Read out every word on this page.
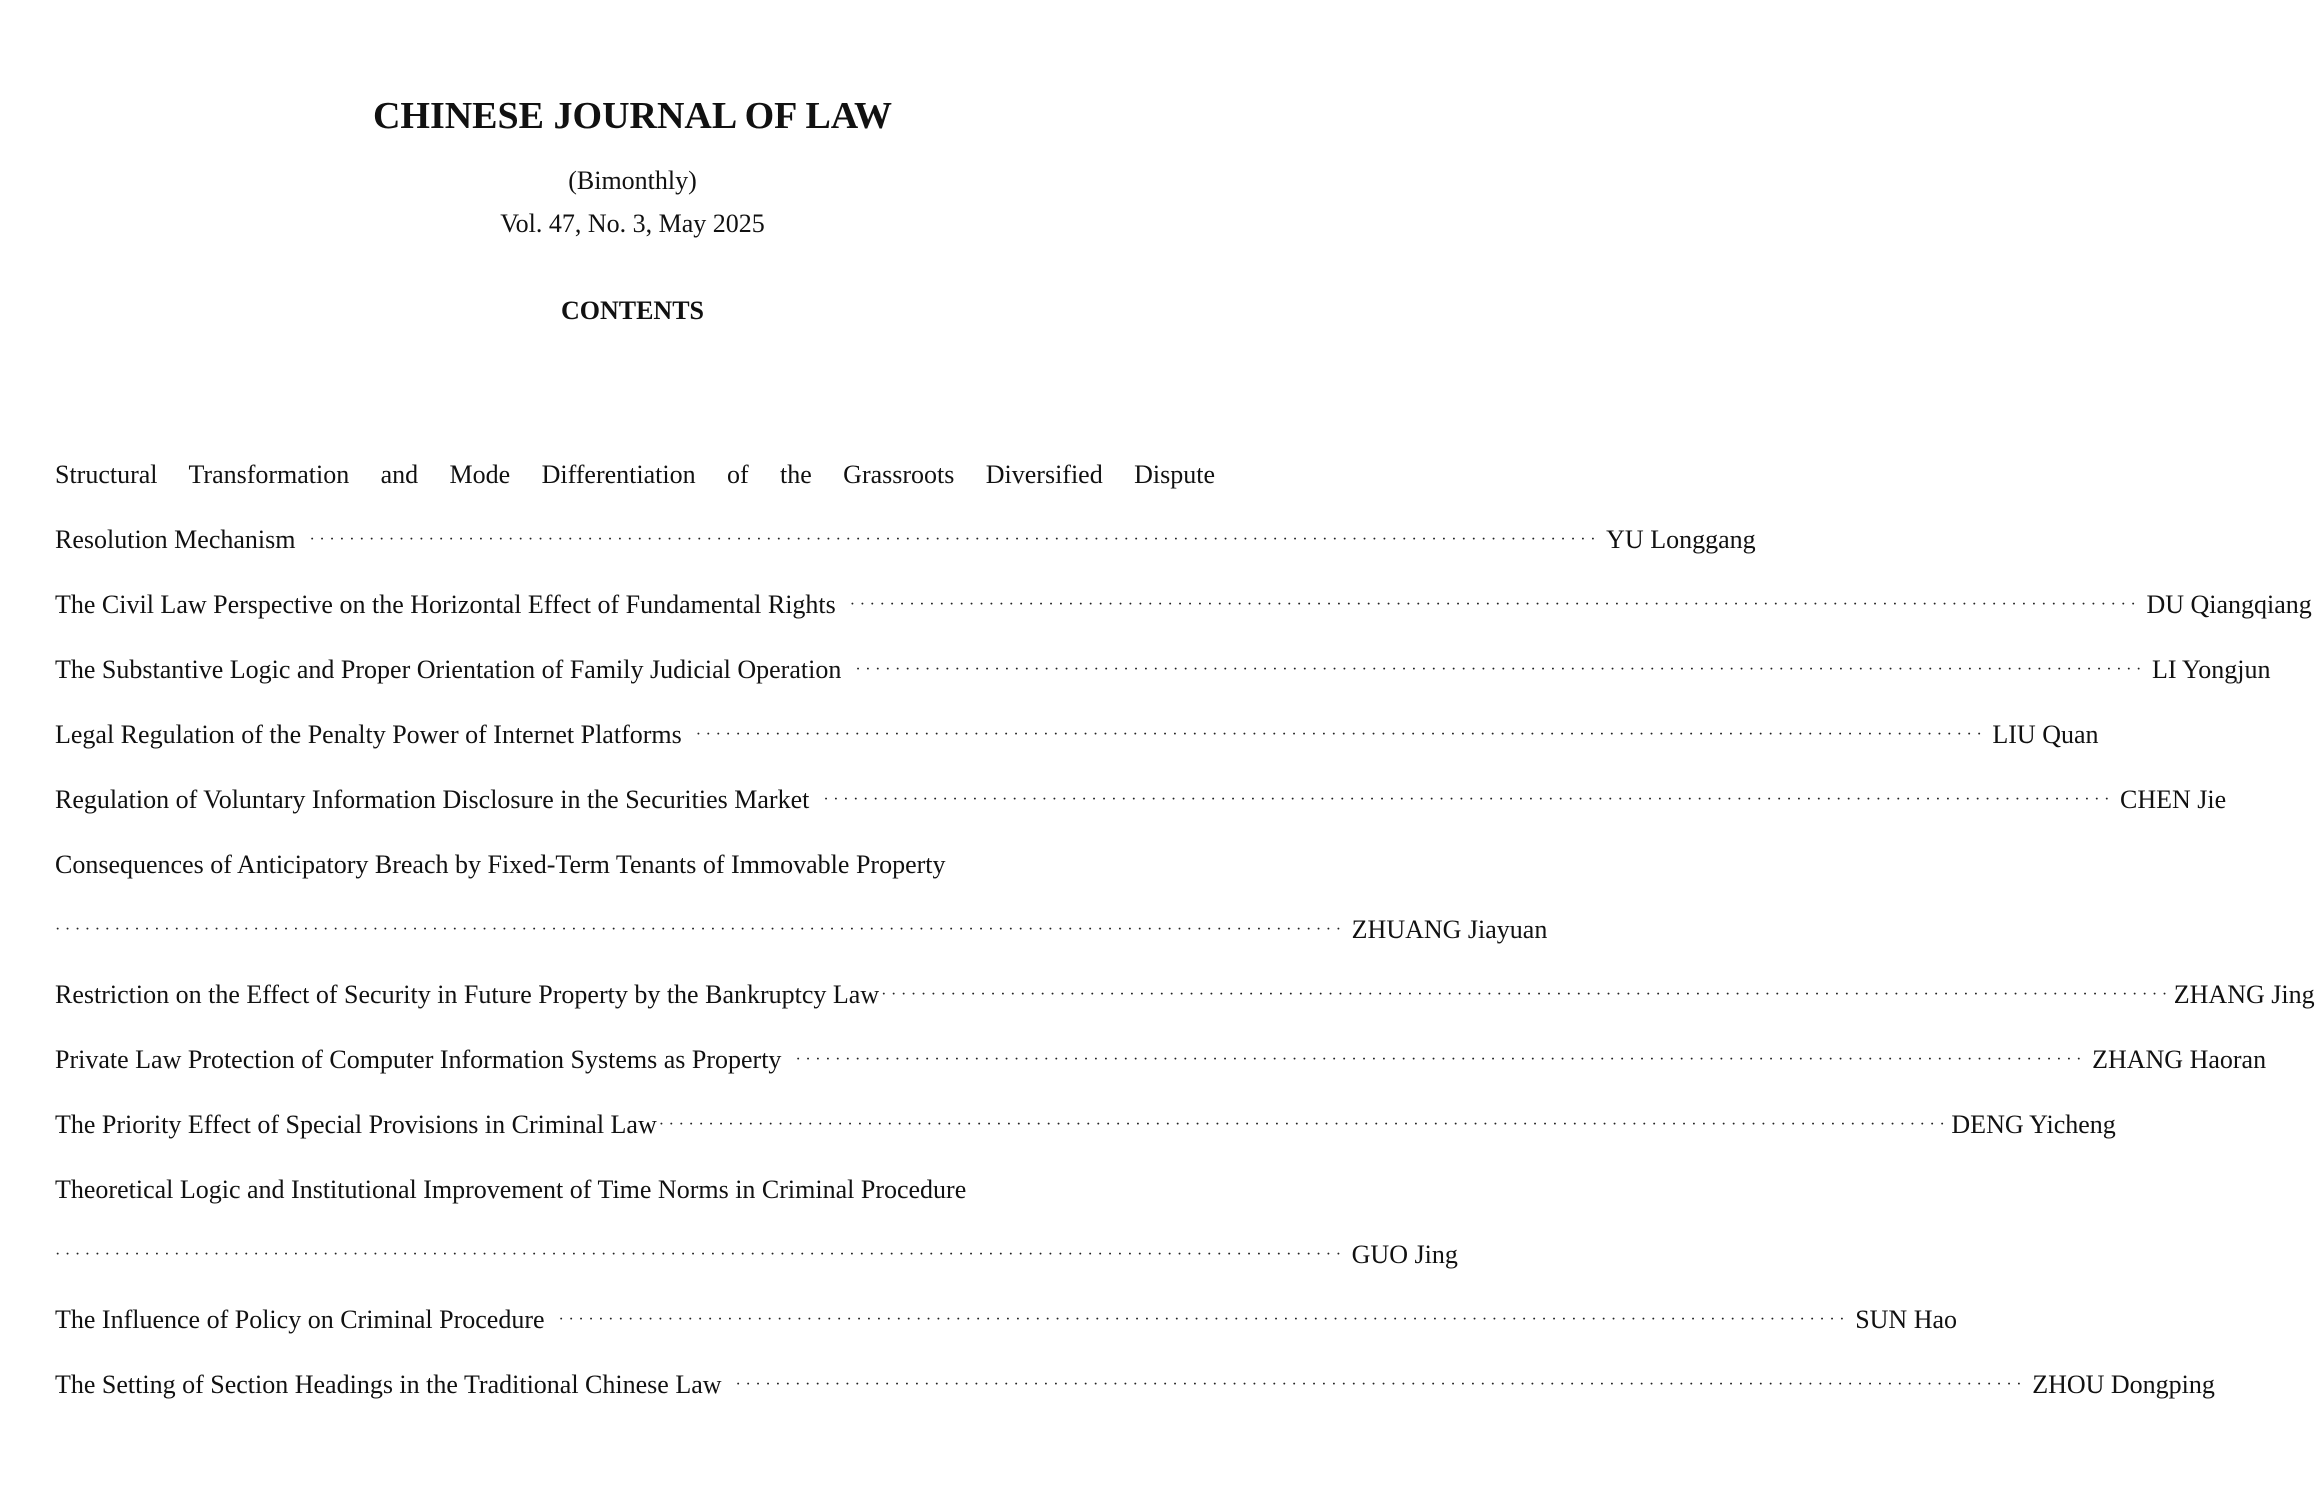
CHINESE JOURNAL OF LAW
(Bimonthly)
Vol. 47, No. 3, May 2025
CONTENTS
Structural Transformation and Mode Differentiation of the Grassroots Diversified Dispute
Resolution Mechanism ·································································································································· YU Longgang
The Civil Law Perspective on the Horizontal Effect of Fundamental Rights ·································································································································· DU Qiangqiang
The Substantive Logic and Proper Orientation of Family Judicial Operation ·································································································································· LI Yongjun
Legal Regulation of the Penalty Power of Internet Platforms ·································································································································· LIU Quan
Regulation of Voluntary Information Disclosure in the Securities Market ·································································································································· CHEN Jie
Consequences of Anticipatory Breach by Fixed-Term Tenants of Immovable Property
·································································································································· ZHUANG Jiayuan
Restriction on the Effect of Security in Future Property by the Bankruptcy Law ·································································································································· ZHANG Jing
Private Law Protection of Computer Information Systems as Property ·································································································································· ZHANG Haoran
The Priority Effect of Special Provisions in Criminal Law ·································································································································· DENG Yicheng
Theoretical Logic and Institutional Improvement of Time Norms in Criminal Procedure
·································································································································· GUO Jing
The Influence of Policy on Criminal Procedure ·································································································································· SUN Hao
The Setting of Section Headings in the Traditional Chinese Law ·································································································································· ZHOU Dongping
